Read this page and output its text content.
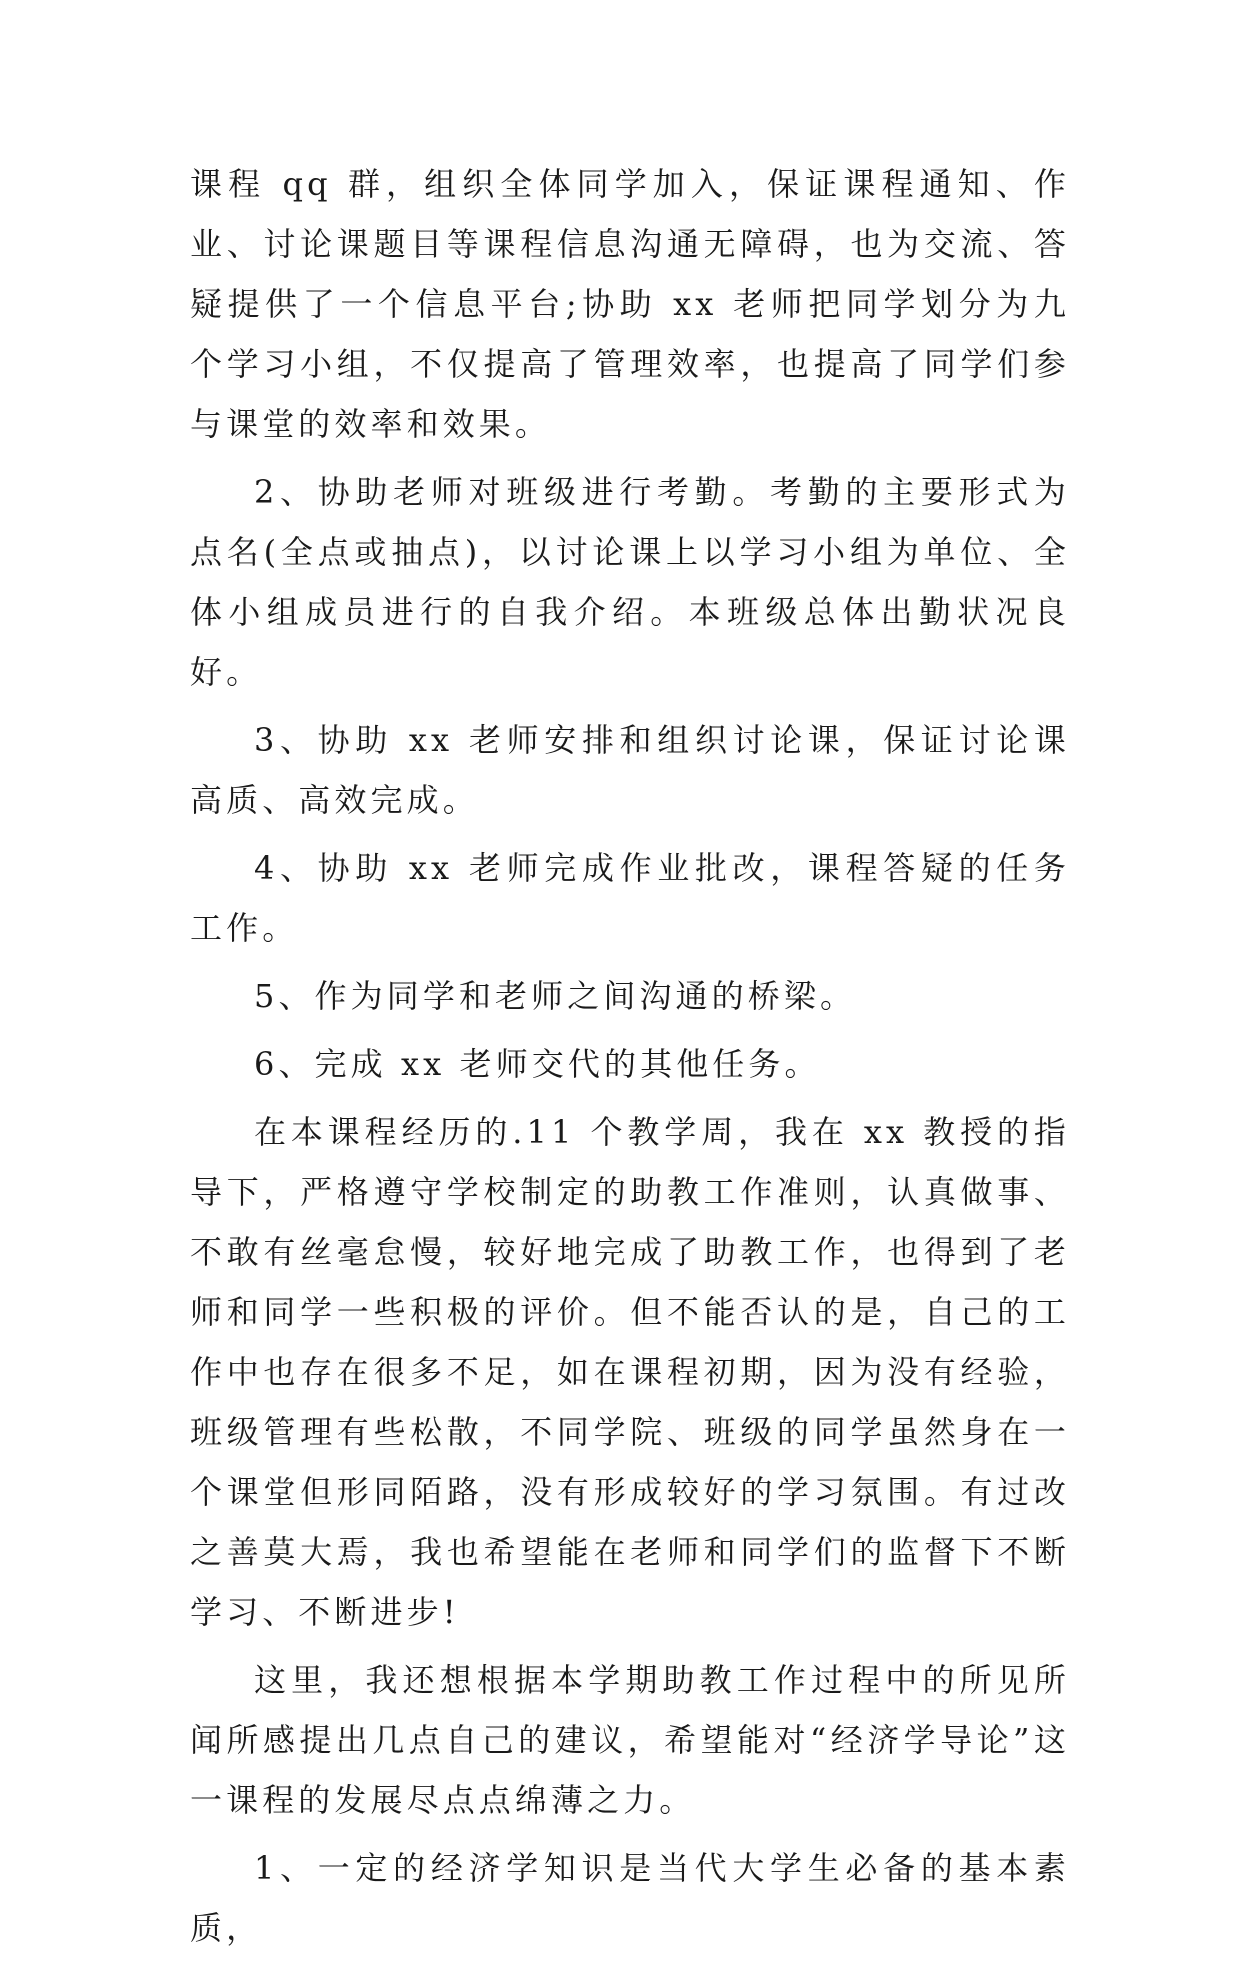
课程 qq 群，组织全体同学加入，保证课程通知、作业、讨论课题目等课程信息沟通无障碍，也为交流、答疑提供了一个信息平台;协助 xx 老师把同学划分为九个学习小组，不仅提高了管理效率，也提高了同学们参与课堂的效率和效果。

2、协助老师对班级进行考勤。考勤的主要形式为点名(全点或抽点)，以讨论课上以学习小组为单位、全体小组成员进行的自我介绍。本班级总体出勤状况良好。

3、协助 xx 老师安排和组织讨论课，保证讨论课高质、高效完成。

4、协助 xx 老师完成作业批改，课程答疑的任务工作。

5、作为同学和老师之间沟通的桥梁。

6、完成 xx 老师交代的其他任务。

在本课程经历的.11 个教学周，我在 xx 教授的指导下，严格遵守学校制定的助教工作准则，认真做事、不敢有丝毫怠慢，较好地完成了助教工作，也得到了老师和同学一些积极的评价。但不能否认的是，自己的工作中也存在很多不足，如在课程初期，因为没有经验，班级管理有些松散，不同学院、班级的同学虽然身在一个课堂但形同陌路，没有形成较好的学习氛围。有过改之善莫大焉，我也希望能在老师和同学们的监督下不断学习、不断进步!

这里，我还想根据本学期助教工作过程中的所见所闻所感提出几点自己的建议，希望能对“经济学导论”这一课程的发展尽点点绵薄之力。

1、一定的经济学知识是当代大学生必备的基本素质，
